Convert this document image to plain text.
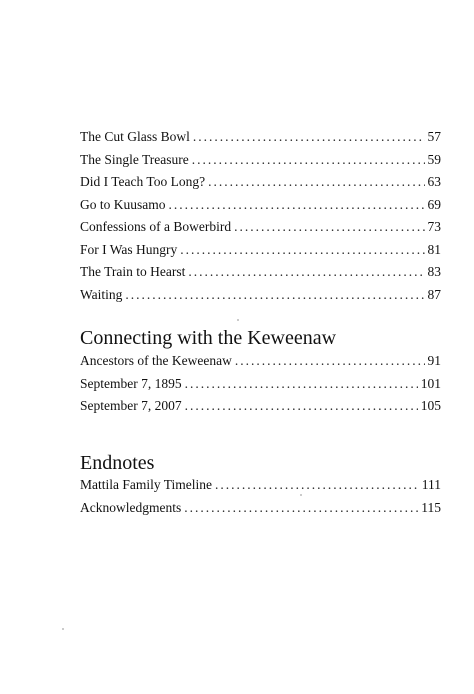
The Cut Glass Bowl .....	57
The Single Treasure .....	59
Did I Teach Too Long? .....	63
Go to Kuusamo .....	69
Confessions of a Bowerbird .....	73
For I Was Hungry .....	81
The Train to Hearst .....	83
Waiting .....	87
Connecting with the Keweenaw
Ancestors of the Keweenaw .....	91
September 7, 1895 .....	101
September 7, 2007 .....	105
Endnotes
Mattila Family Timeline .....	111
Acknowledgments .....	115
